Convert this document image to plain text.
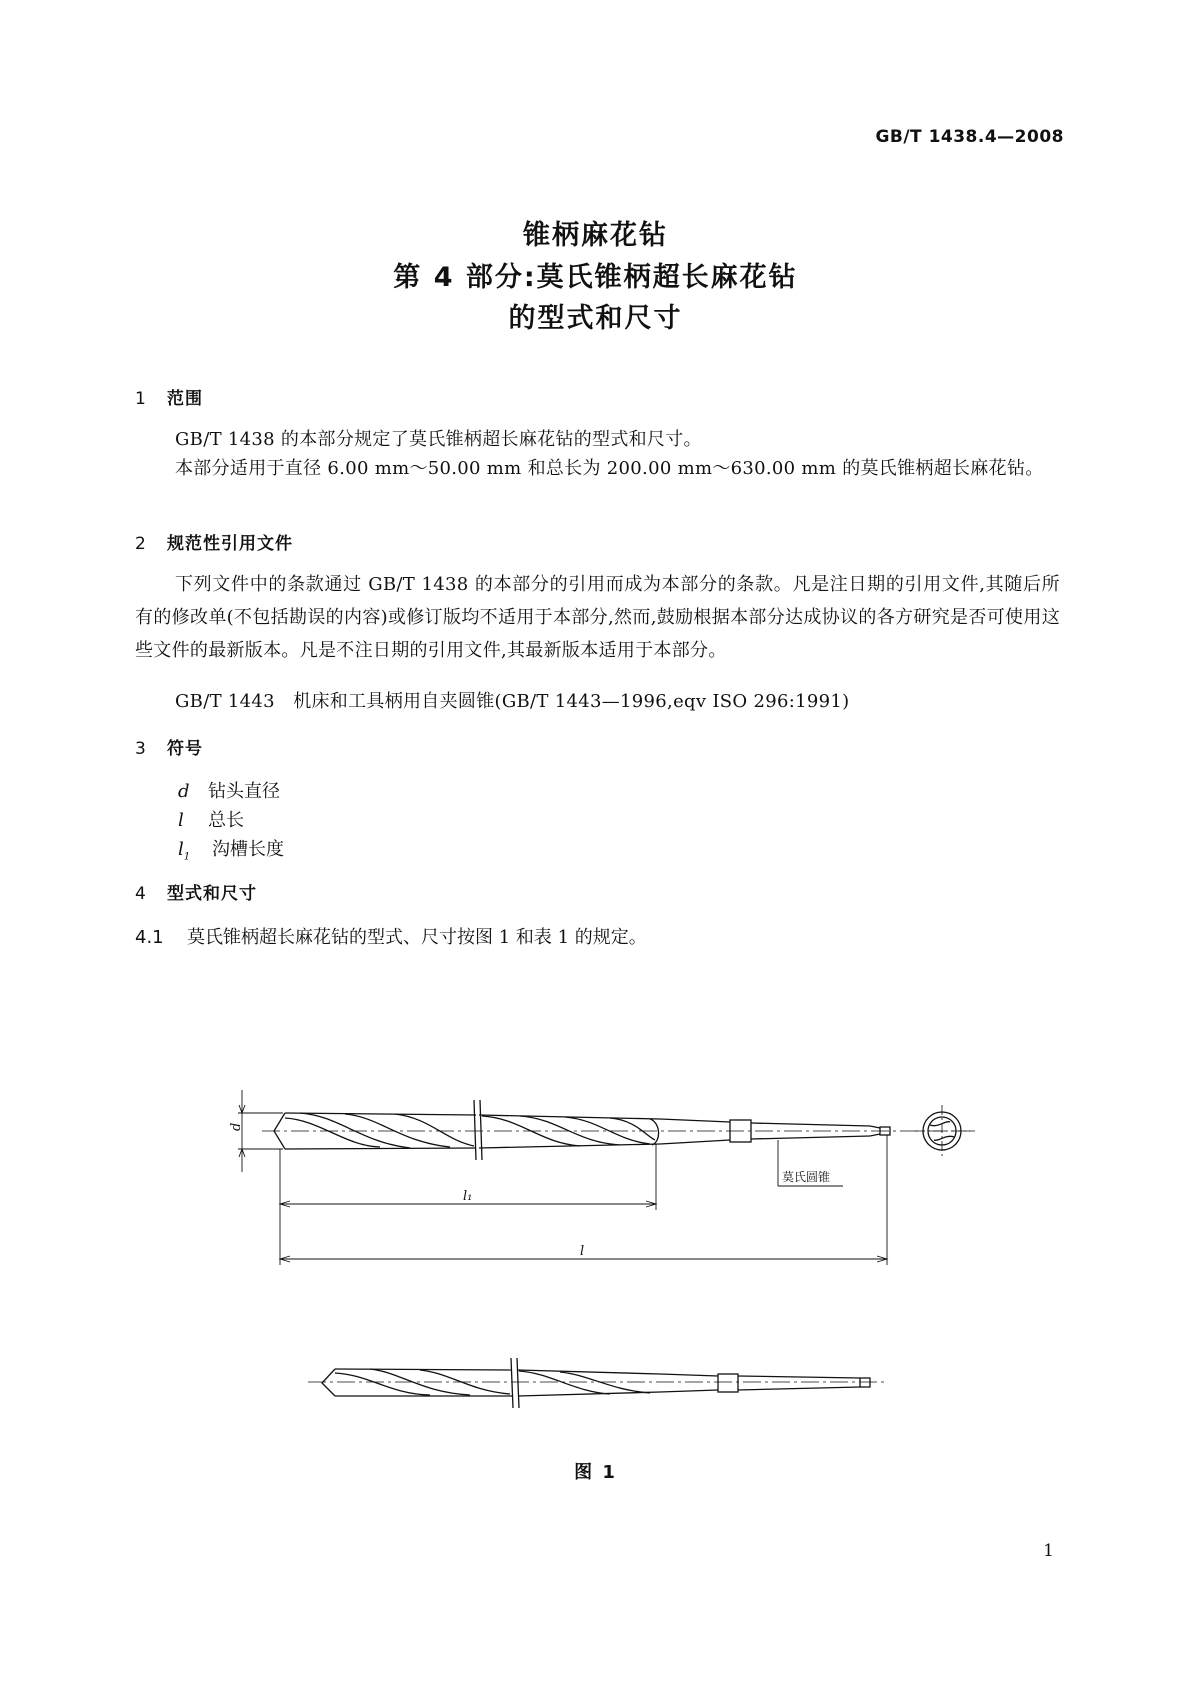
GB/T 1438.4—2008
锥柄麻花钻
第 4 部分:莫氏锥柄超长麻花钻
的型式和尺寸
1 范围
GB/T 1438 的本部分规定了莫氏锥柄超长麻花钻的型式和尺寸。
本部分适用于直径 6.00 mm～50.00 mm 和总长为 200.00 mm～630.00 mm 的莫氏锥柄超长麻花钻。
2 规范性引用文件
下列文件中的条款通过 GB/T 1438 的本部分的引用而成为本部分的条款。凡是注日期的引用文件,其随后所有的修改单(不包括勘误的内容)或修订版均不适用于本部分,然而,鼓励根据本部分达成协议的各方研究是否可使用这些文件的最新版本。凡是不注日期的引用文件,其最新版本适用于本部分。
GB/T 1443　机床和工具柄用自夹圆锥(GB/T 1443—1996,eqv ISO 296:1991)
3 符号
d 钻头直径
l 总长
$l_1$ 沟槽长度
4 型式和尺寸
4.1 莫氏锥柄超长麻花钻的型式、尺寸按图 1 和表 1 的规定。
d
l₁
l
莫氏圆锥
图 1
1
